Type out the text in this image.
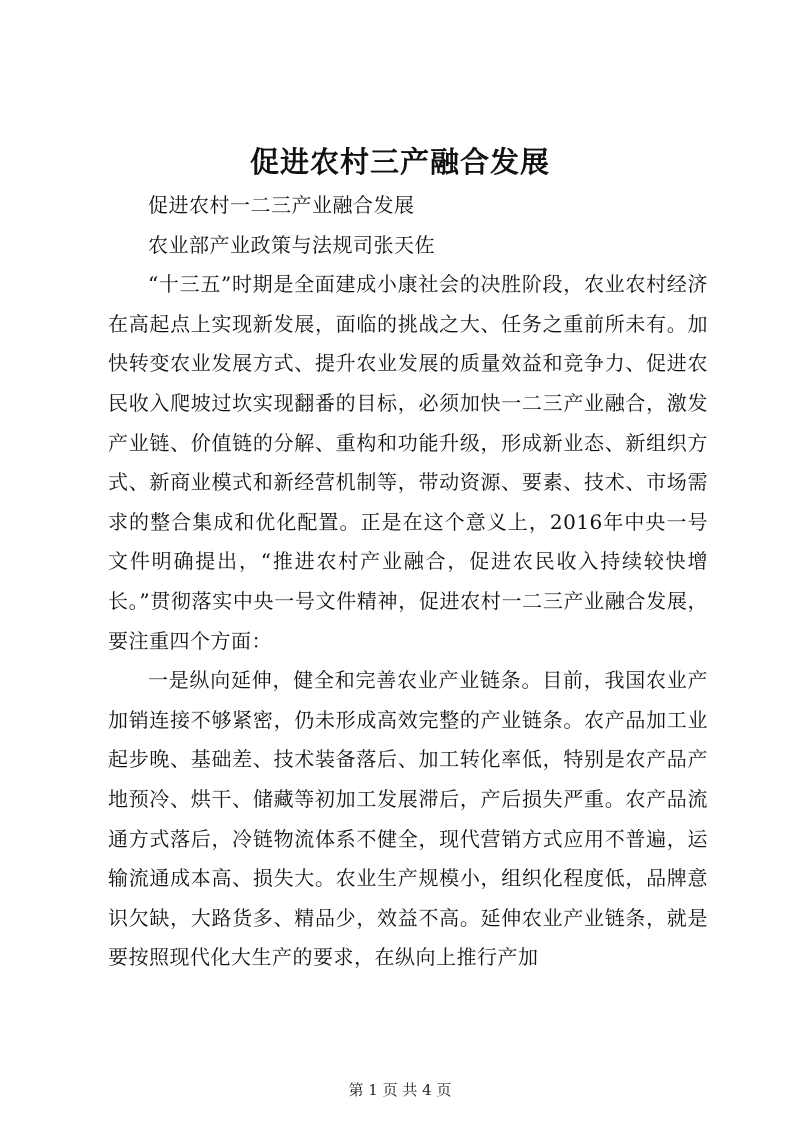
促进农村三产融合发展

促进农村一二三产业融合发展

农业部产业政策与法规司张天佐

“十三五”时期是全面建成小康社会的决胜阶段，农业农村经济在高起点上实现新发展，面临的挑战之大、任务之重前所未有。加快转变农业发展方式、提升农业发展的质量效益和竞争力、促进农民收入爬坡过坎实现翻番的目标，必须加快一二三产业融合，激发产业链、价值链的分解、重构和功能升级，形成新业态、新组织方式、新商业模式和新经营机制等，带动资源、要素、技术、市场需求的整合集成和优化配置。正是在这个意义上，2016年中央一号文件明确提出，“推进农村产业融合，促进农民收入持续较快增长。”贯彻落实中央一号文件精神，促进农村一二三产业融合发展，要注重四个方面：

一是纵向延伸，健全和完善农业产业链条。目前，我国农业产加销连接不够紧密，仍未形成高效完整的产业链条。农产品加工业起步晚、基础差、技术装备落后、加工转化率低，特别是农产品产地预冷、烘干、储藏等初加工发展滞后，产后损失严重。农产品流通方式落后，冷链物流体系不健全，现代营销方式应用不普遍，运输流通成本高、损失大。农业生产规模小，组织化程度低，品牌意识欠缺，大路货多、精品少，效益不高。延伸农业产业链条，就是要按照现代化大生产的要求，在纵向上推行产加

第 1 页 共 4 页
